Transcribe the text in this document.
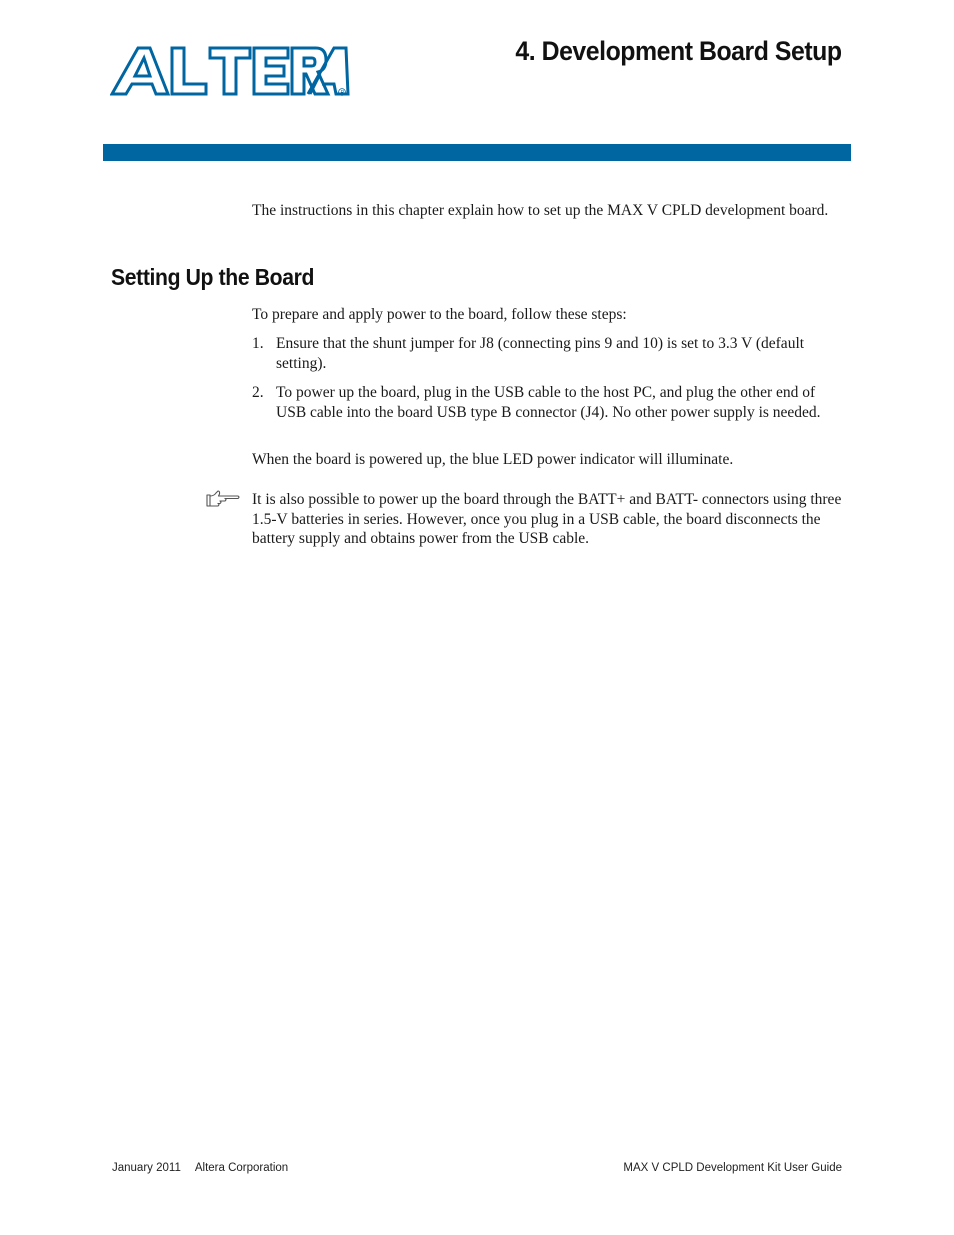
R
4. Development Board Setup

The instructions in this chapter explain how to set up the MAX V CPLD development board.

Setting Up the Board

To prepare and apply power to the board, follow these steps:

1. Ensure that the shunt jumper for J8 (connecting pins 9 and 10) is set to 3.3 V (default setting).
2. To power up the board, plug in the USB cable to the host PC, and plug the other end of USB cable into the board USB type B connector (J4). No other power supply is needed.

When the board is powered up, the blue LED power indicator will illuminate.

It is also possible to power up the board through the BATT+ and BATT- connectors using three 1.5-V batteries in series. However, once you plug in a USB cable, the board disconnects the battery supply and obtains power from the USB cable.

January 2011 Altera Corporation	MAX V CPLD Development Kit User Guide
